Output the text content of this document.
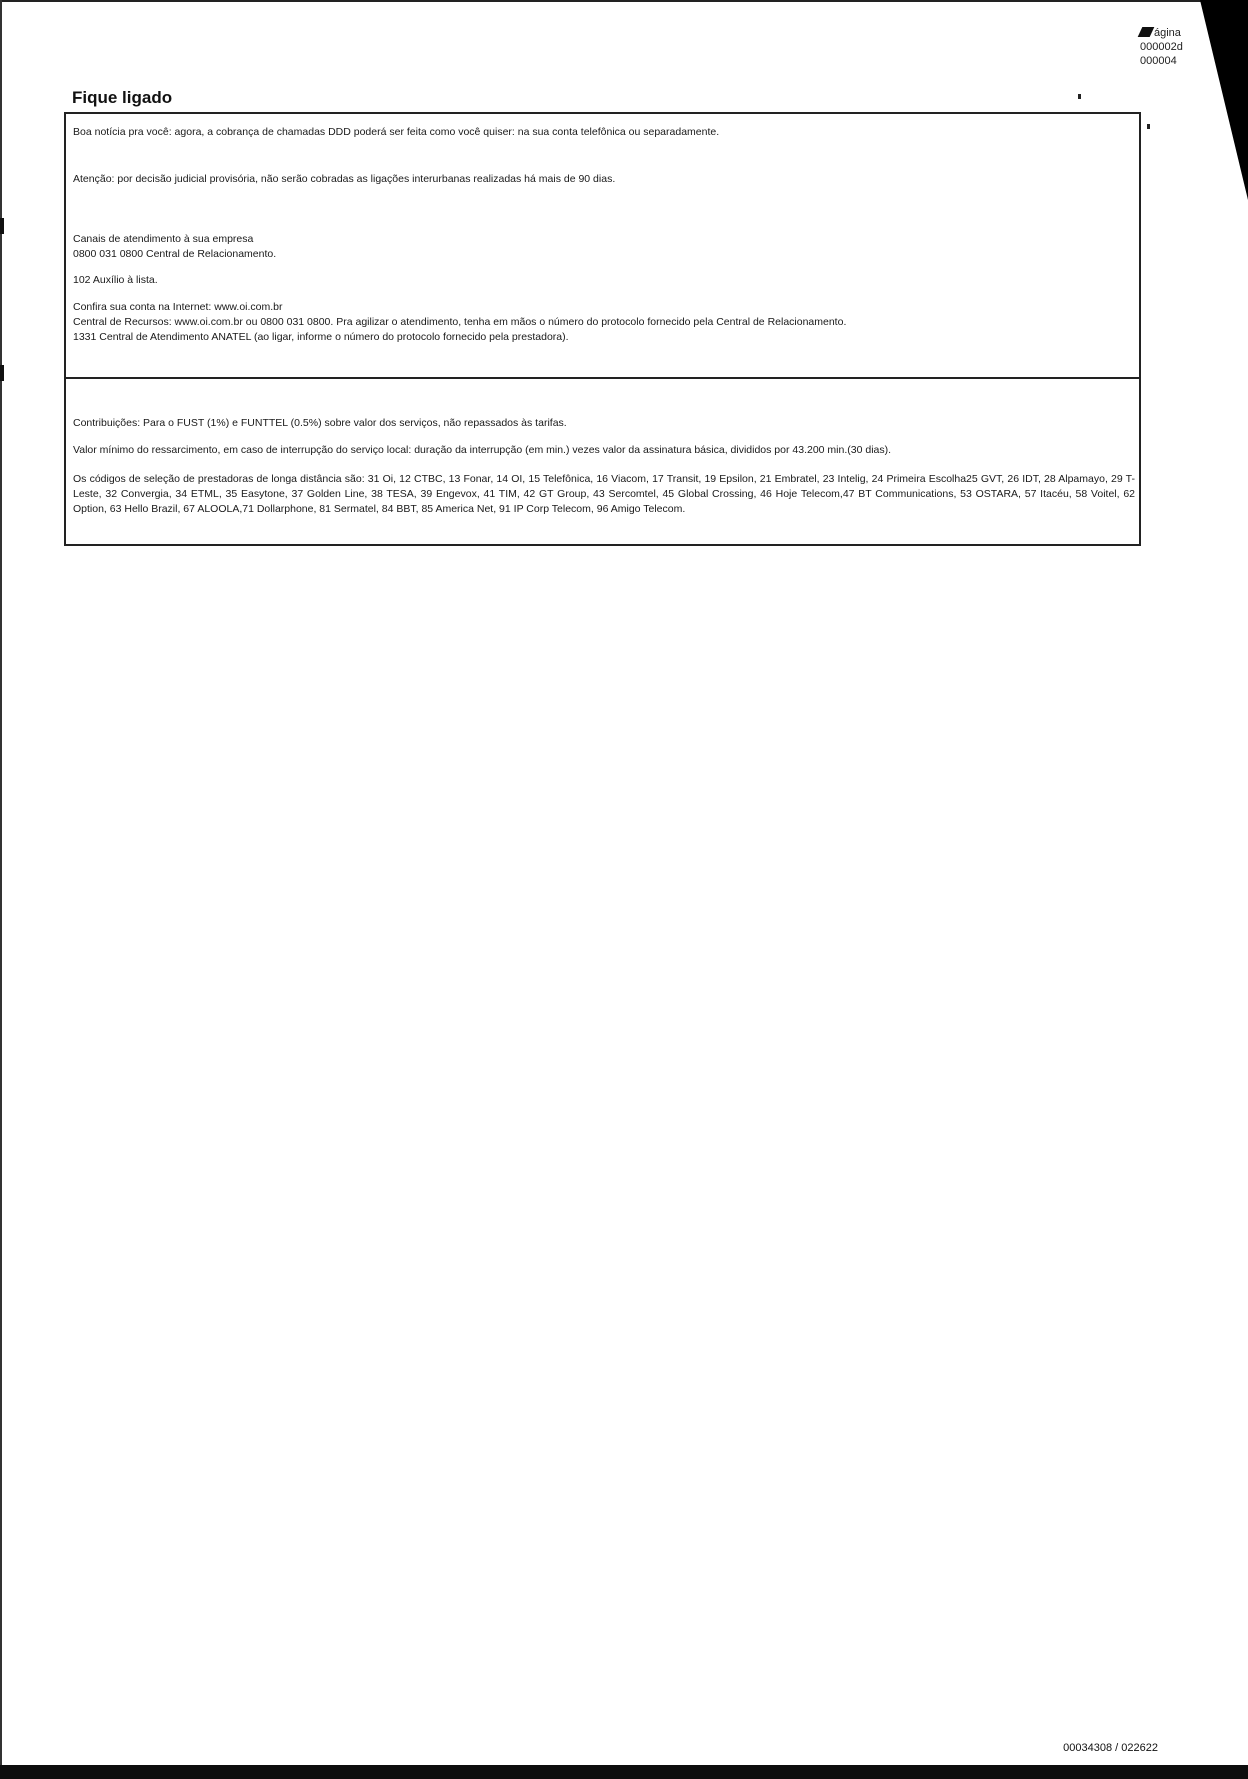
ágina
000002d
000004
Fique ligado

Boa notícia pra você: agora, a cobrança de chamadas DDD poderá ser feita como você quiser: na sua conta telefônica ou separadamente.

Atenção: por decisão judicial provisória, não serão cobradas as ligações interurbanas realizadas há mais de 90 dias.

Canais de atendimento à sua empresa

0800 031 0800 Central de Relacionamento.

102 Auxílio à lista.

Confira sua conta na Internet: www.oi.com.br

Central de Recursos: www.oi.com.br ou 0800 031 0800. Pra agilizar o atendimento, tenha em mãos o número do protocolo fornecido pela Central de Relacionamento.

1331 Central de Atendimento ANATEL (ao ligar, informe o número do protocolo fornecido pela prestadora).

Contribuições: Para o FUST (1%) e FUNTTEL (0.5%) sobre valor dos serviços, não repassados às tarifas.

Valor mínimo do ressarcimento, em caso de interrupção do serviço local: duração da interrupção (em min.) vezes valor da assinatura básica, divididos por 43.200 min.(30 dias).

Os códigos de seleção de prestadoras de longa distância são: 31 Oi, 12 CTBC, 13 Fonar, 14 OI, 15 Telefônica, 16 Viacom, 17 Transit, 19 Epsilon, 21 Embratel, 23 Intelig, 24 Primeira Escolha25 GVT, 26 IDT, 28 Alpamayo, 29 T-Leste, 32 Convergia, 34 ETML, 35 Easytone, 37 Golden Line, 38 TESA, 39 Engevox, 41 TIM, 42 GT Group, 43 Sercomtel, 45 Global Crossing, 46 Hoje Telecom,47 BT Communications, 53 OSTARA, 57 Itacéu, 58 Voitel, 62 Option, 63 Hello Brazil, 67 ALOOLA,71 Dollarphone, 81 Sermatel, 84 BBT, 85 America Net, 91 IP Corp Telecom, 96 Amigo Telecom.

00034308 / 022622
